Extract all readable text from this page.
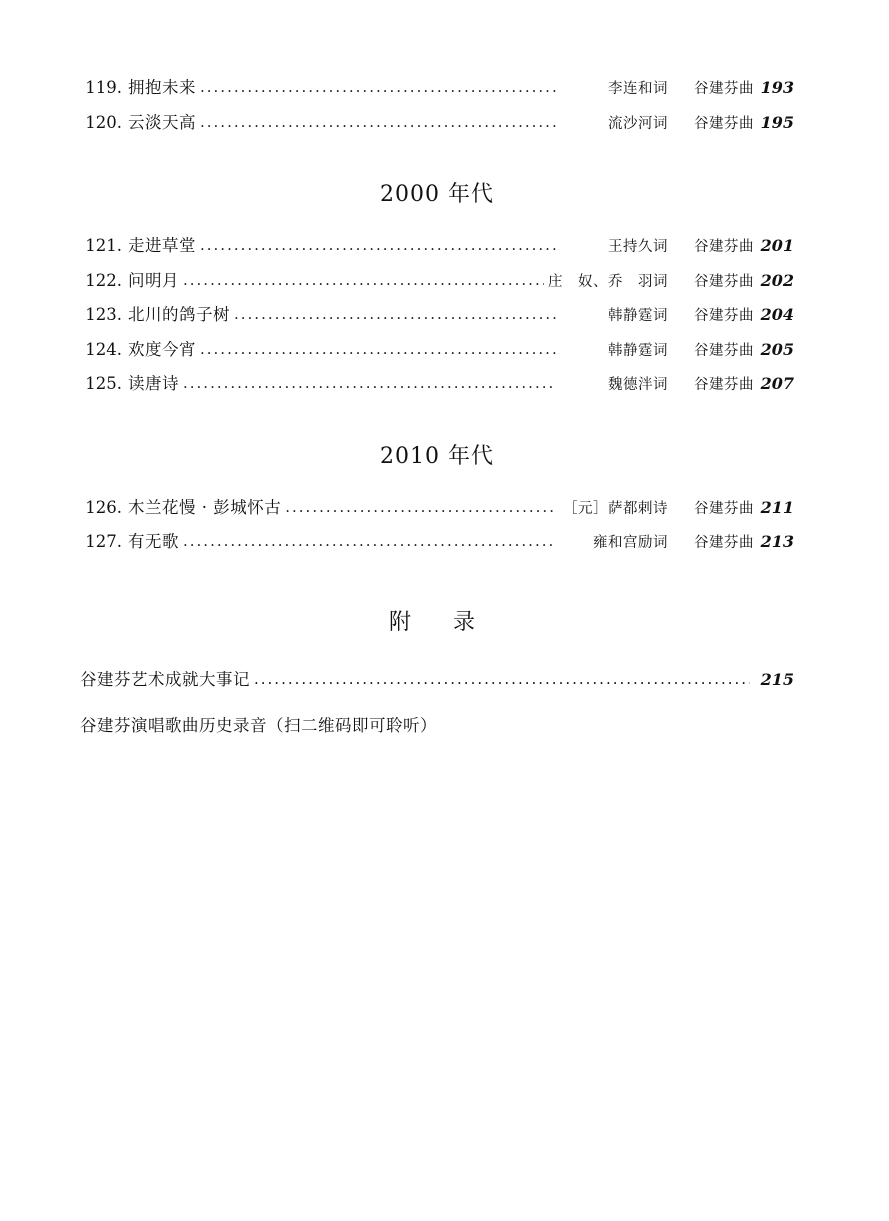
119. 拥抱未来 .....	李连和词	谷建芬曲 193
120. 云淡天高 .....	流沙河词	谷建芬曲 195
2000 年代
121. 走进草堂 .....	王持久词	谷建芬曲 201
122. 问明月 .....	庄　奴、乔　羽词	谷建芬曲 202
123. 北川的鸽子树 .....	韩静霆词	谷建芬曲 204
124. 欢度今宵 .....	韩静霆词	谷建芬曲 205
125. 读唐诗 .....	魏德泮词	谷建芬曲 207
2010 年代
126. 木兰花慢 · 彭城怀古 .....	［元］萨都剌诗	谷建芬曲 211
127. 有无歌 .....	雍和宫励词	谷建芬曲 213
附　录
谷建芬艺术成就大事记 .....	215
谷建芬演唱歌曲历史录音（扫二维码即可聆听）
